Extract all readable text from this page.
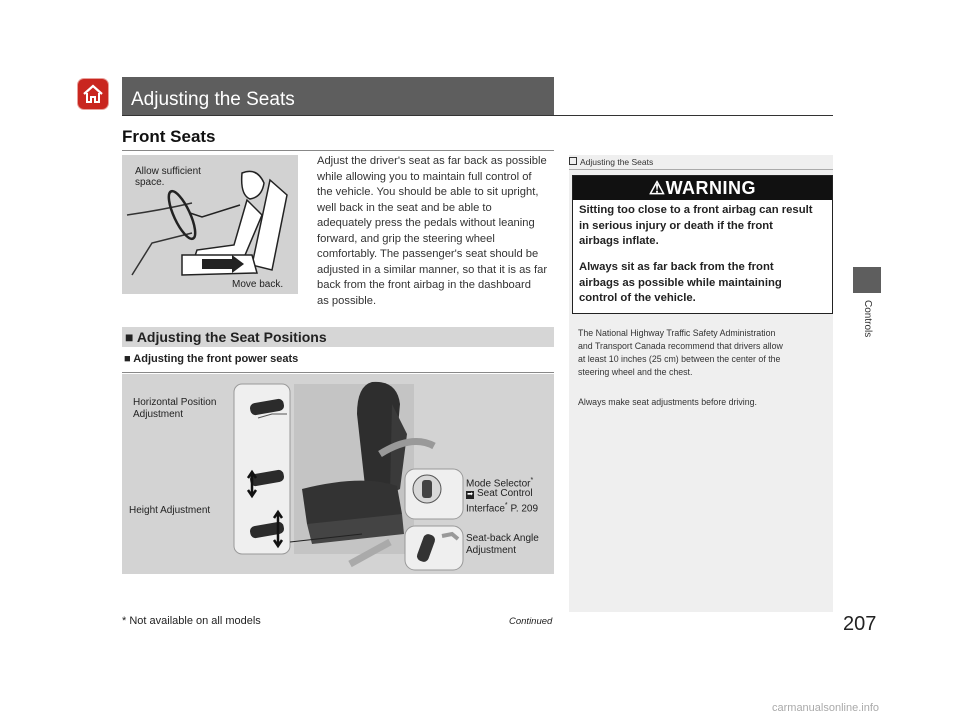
Adjusting the Seats
Front Seats
Allow sufficient
space.
Move back.
Adjust the driver's seat as far back as possible
while allowing you to maintain full control of
the vehicle. You should be able to sit upright,
well back in the seat and be able to
adequately press the pedals without leaning
forward, and grip the steering wheel
comfortably. The passenger's seat should be
adjusted in a similar manner, so that it is as far
back from the front airbag in the dashboard
as possible.
■ Adjusting the Seat Positions
■ Adjusting the front power seats
Horizontal Position
Adjustment
Height Adjustment
Mode Selector*
➡ Seat Control
Interface* P. 209
Seat-back Angle
Adjustment
Adjusting the Seats
⚠WARNING
Sitting too close to a front airbag can result
in serious injury or death if the front
airbags inflate.
Always sit as far back from the front
airbags as possible while maintaining
control of the vehicle.
The National Highway Traffic Safety Administration
and Transport Canada recommend that drivers allow
at least 10 inches (25 cm) between the center of the
steering wheel and the chest.
Always make seat adjustments before driving.
Controls
* Not available on all models	Continued	207
carmanualsonline.info
